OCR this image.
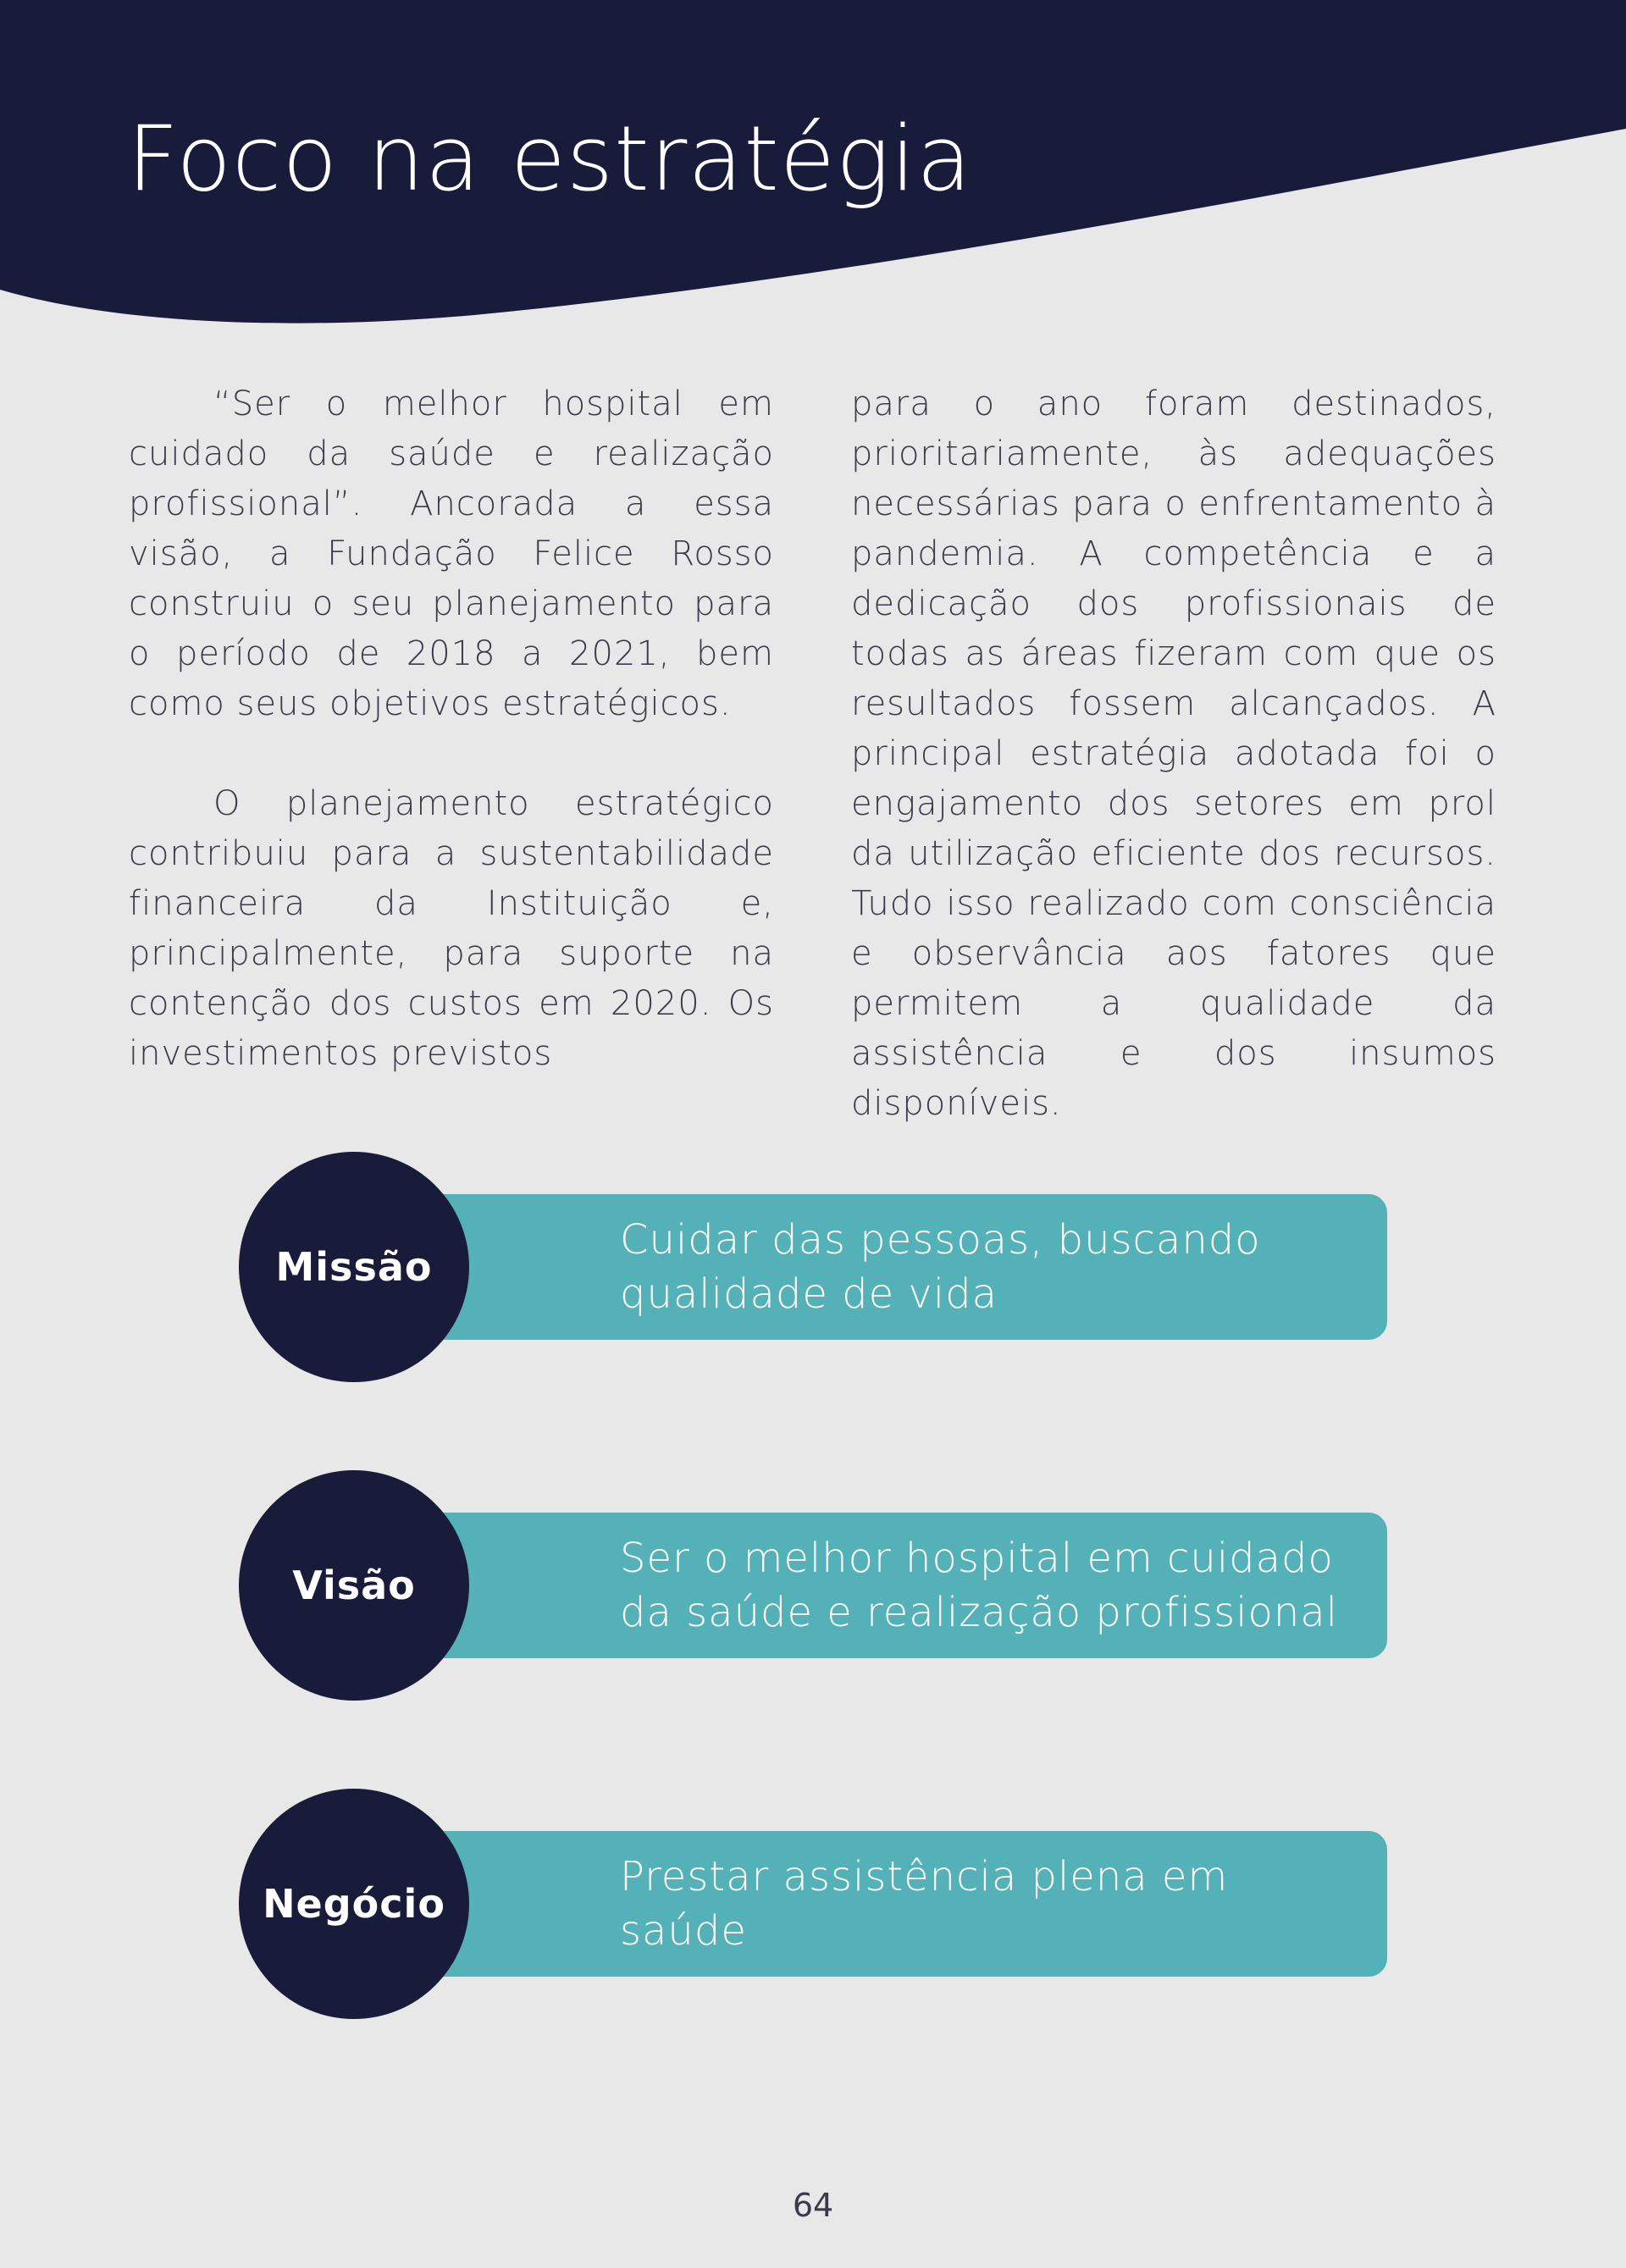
Foco na estratégia

“Ser o melhor hospital em cuidado da saúde e realização profissional”. Ancorada a essa visão, a Fundação Felice Rosso construiu o seu planejamento para o período de 2018 a 2021, bem como seus objetivos estratégicos.

O planejamento estratégico contribuiu para a sustentabilidade financeira da Instituição e, principalmente, para suporte na contenção dos custos em 2020. Os investimentos previstos

para o ano foram destinados, prioritariamente, às adequações necessárias para o enfrentamento à pandemia. A competência e a dedicação dos profissionais de todas as áreas fizeram com que os resultados fossem alcançados. A principal estratégia adotada foi o engajamento dos setores em prol da utilização eficiente dos recursos. Tudo isso realizado com consciência e observância aos fatores que permitem a qualidade da assistência e dos insumos disponíveis.

Cuidar das pessoas, buscando qualidade de vida
Missão
Ser o melhor hospital em cuidado da saúde e realização profissional
Visão
Prestar assistência plena em saúde
Negócio
64
